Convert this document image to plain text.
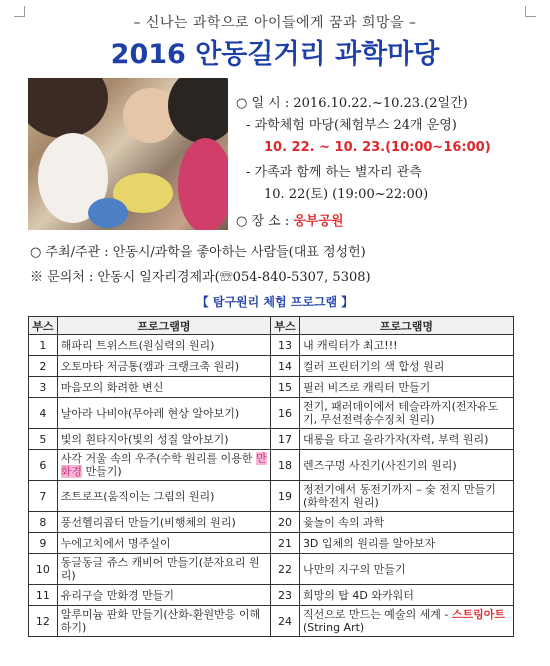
– 신나는 과학으로 아이들에게 꿈과 희망을 –
2016 안동길거리 과학마당
○ 일 시 : 2016.10.22.~10.23.(2일간)
- 과학체험 마당(체험부스 24개 운영)
10. 22. ~ 10. 23.(10:00~16:00)
- 가족과 함께 하는 별자리 관측
10. 22(토) (19:00~22:00)
○ 장 소 : 웅부공원
○ 주최/주관 : 안동시/과학을 좋아하는 사람들(대표 정성헌)
※ 문의처 : 안동시 일자리경제과(☏054-840-5307, 5308)
【 탐구원리 체험 프로그램 】
부스	프로그램명	부스	프로그램명
1	해파리 트위스트(원심력의 원리)	13	내 캐릭터가 최고!!!
2	오토마타 저금통(캠과 크랭크축 원리)	14	컬러 프린터기의 색 합성 원리
3	마음모의 화려한 변신	15	필러 비즈로 캐릭터 만들기
4	날아라 나비야(무아레 현상 알아보기)	16	전기, 패러데이에서 테슬라까지(전자유도기, 무선전력송수징치 원리)
5	빛의 흰타지아(빛의 성질 알아보기)	17	대롱을 타고 올라가자(자력, 부력 원리)
6	사각 거울 속의 우주(수학 원리를 이용한 만화경 만들기)	18	렌즈구멍 사진기(사진기의 원리)
7	조트로프(움직이는 그림의 원리)	19	정전기에서 동전기까지 – 숯 전지 만들기(화학전지 원리)
8	풍선헬리콥터 만들기(비행체의 원리)	20	윷놀이 속의 과학
9	누에고치에서 명주실이	21	3D 입체의 원리를 알아보자
10	동글동글 쥬스 캐비어 만들기(분자요리 원리)	22	나만의 지구의 만들기
11	유리구슬 만화경 만들기	23	희망의 탑 4D 와카워터
12	알루미늄 판화 만들기(산화-환원반응 이해하기)	24	직선으로 만드는 예술의 세계 - 스트링아트(String Art)
